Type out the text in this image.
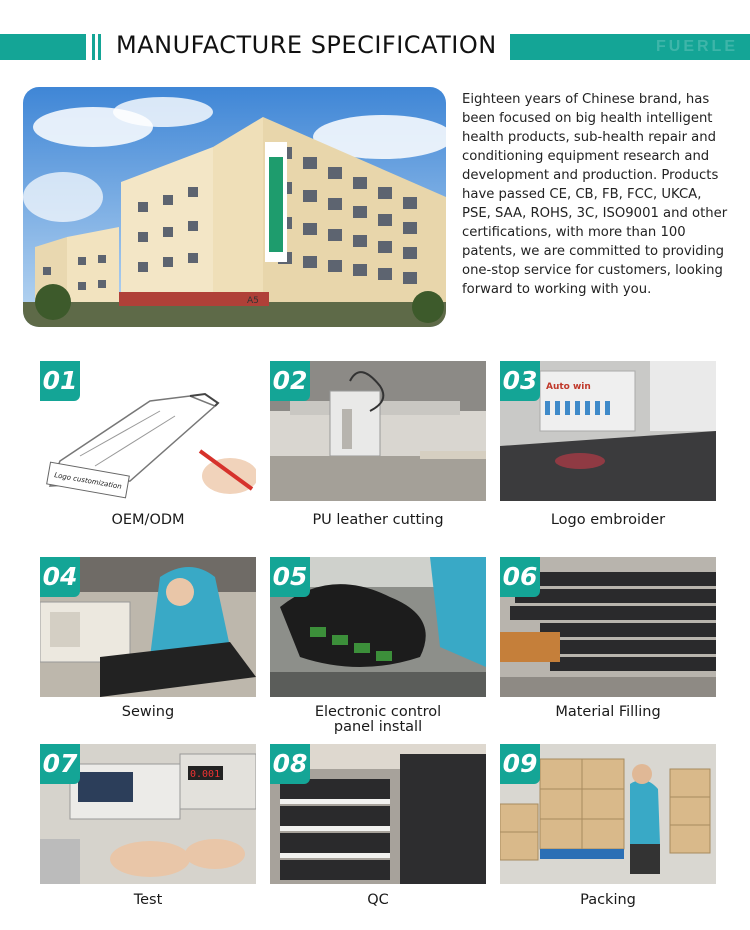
MANUFACTURE SPECIFICATION	FUERLE
A5
Eighteen years of Chinese brand, has been focused on big health intelligent health products, sub-health repair and conditioning equipment research and development and production. Products have passed CE, CB, FB, FCC, UKCA, PSE, SAA, ROHS, 3C, ISO9001 and other certifications, with more than 100 patents, we are committed to providing one-stop service for customers, looking forward to working with you.
Logo customization
01
OEM/ODM
02
PU leather cutting
Auto win
03
Logo embroider
04
Sewing
05
Electronic control
panel install
06
Material Filling
0.001
07
Test
08
QC
09
Packing
